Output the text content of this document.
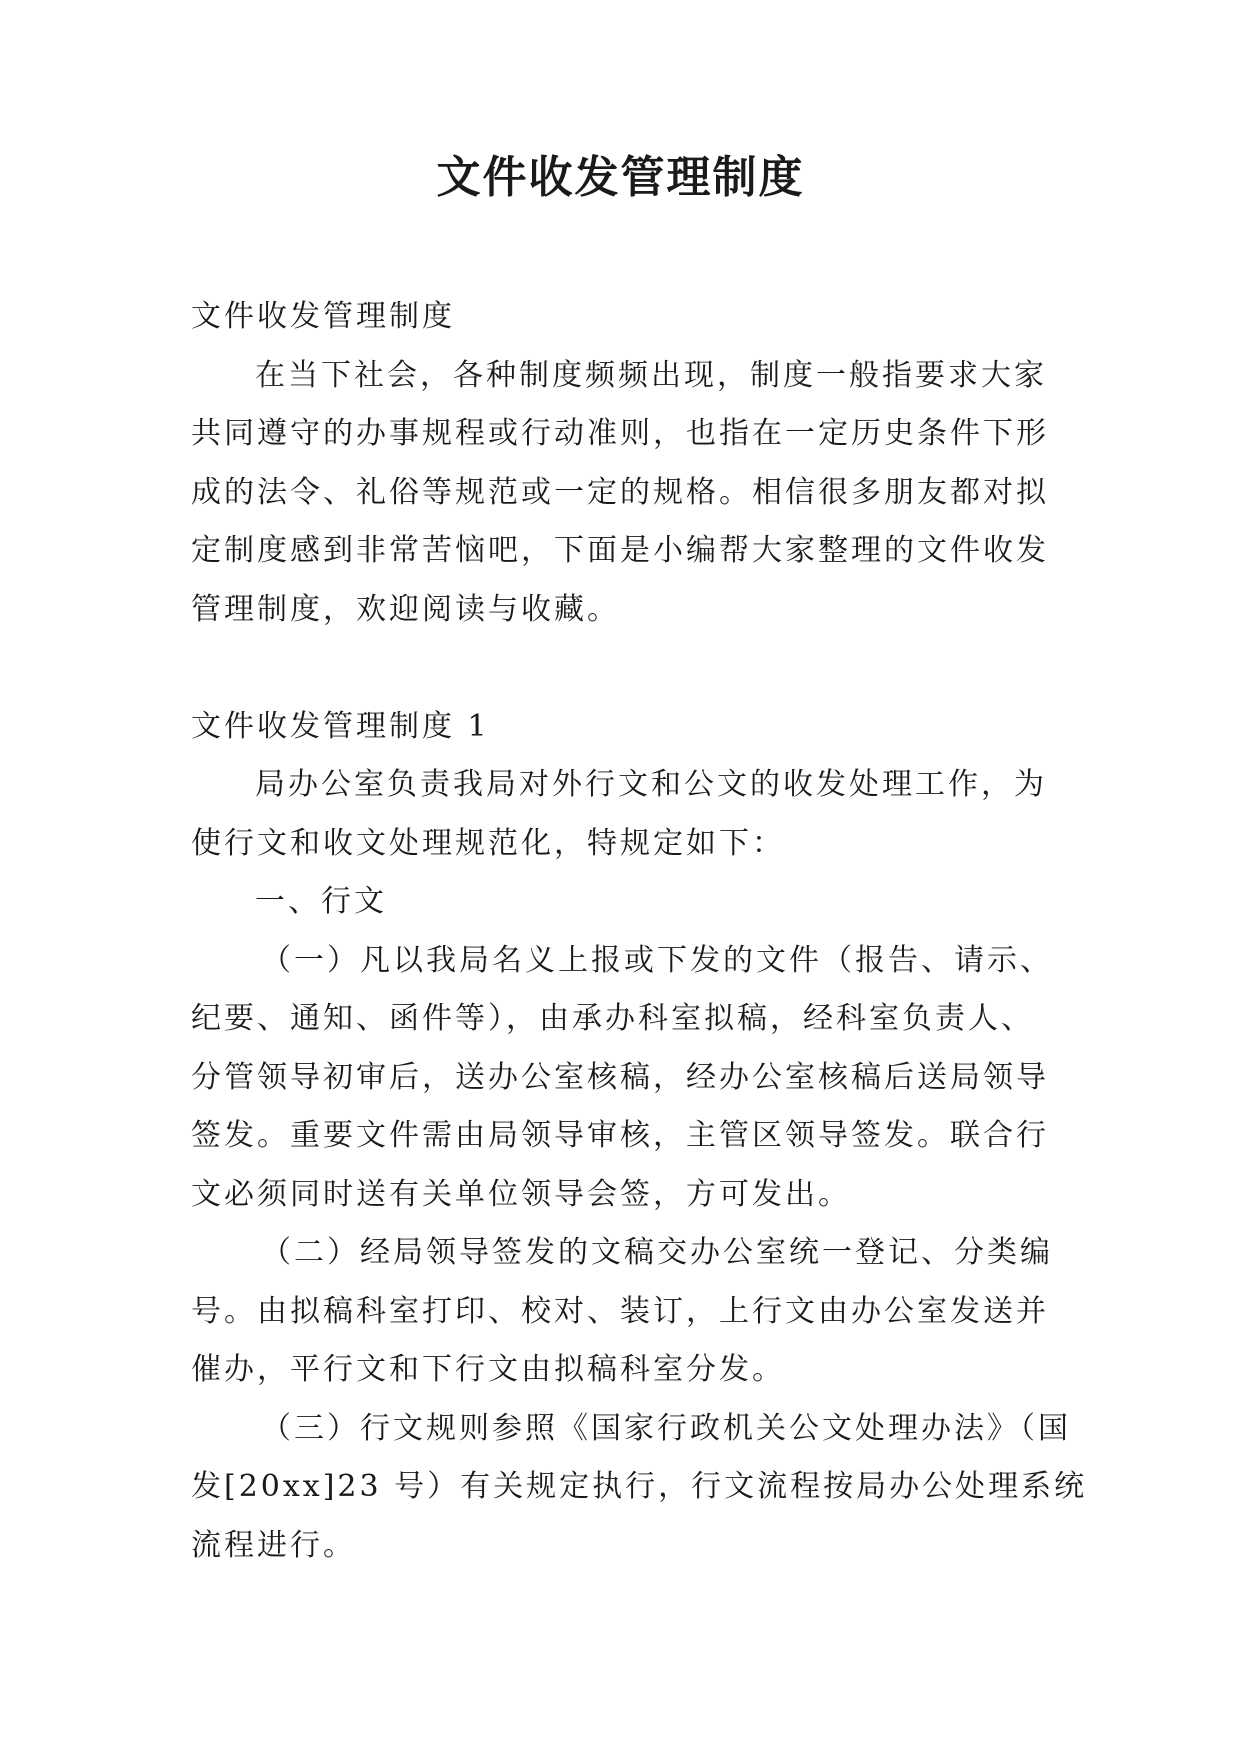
文件收发管理制度
文件收发管理制度
在当下社会，各种制度频频出现，制度一般指要求大家
共同遵守的办事规程或行动准则，也指在一定历史条件下形
成的法令、礼俗等规范或一定的规格。相信很多朋友都对拟
定制度感到非常苦恼吧，下面是小编帮大家整理的文件收发
管理制度，欢迎阅读与收藏。
文件收发管理制度 1
局办公室负责我局对外行文和公文的收发处理工作，为
使行文和收文处理规范化，特规定如下：
一、行文
（一）凡以我局名义上报或下发的文件（报告、请示、
纪要、通知、函件等），由承办科室拟稿，经科室负责人、
分管领导初审后，送办公室核稿，经办公室核稿后送局领导
签发。重要文件需由局领导审核，主管区领导签发。联合行
文必须同时送有关单位领导会签，方可发出。
（二）经局领导签发的文稿交办公室统一登记、分类编
号。由拟稿科室打印、校对、装订，上行文由办公室发送并
催办，平行文和下行文由拟稿科室分发。
（三）行文规则参照《国家行政机关公文处理办法》（国
发[20xx]23 号）有关规定执行，行文流程按局办公处理系统
流程进行。
